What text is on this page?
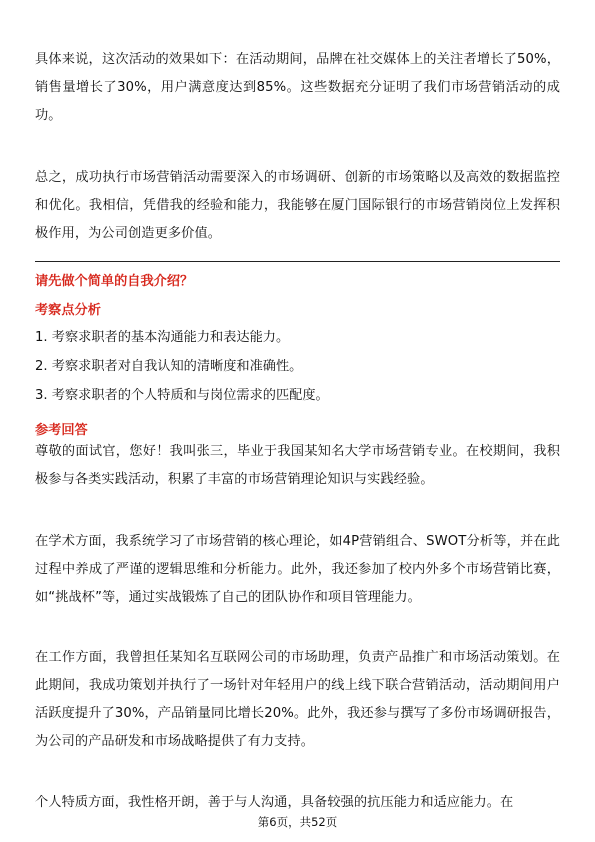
具体来说，这次活动的效果如下：在活动期间，品牌在社交媒体上的关注者增长了50%，销售量增长了30%，用户满意度达到85%。这些数据充分证明了我们市场营销活动的成功。

总之，成功执行市场营销活动需要深入的市场调研、创新的市场策略以及高效的数据监控和优化。我相信，凭借我的经验和能力，我能够在厦门国际银行的市场营销岗位上发挥积极作用，为公司创造更多价值。

请先做个简单的自我介绍？
考察点分析
1. 考察求职者的基本沟通能力和表达能力。
2. 考察求职者对自我认知的清晰度和准确性。
3. 考察求职者的个人特质和与岗位需求的匹配度。
参考回答

尊敬的面试官，您好！我叫张三，毕业于我国某知名大学市场营销专业。在校期间，我积极参与各类实践活动，积累了丰富的市场营销理论知识与实践经验。

在学术方面，我系统学习了市场营销的核心理论，如4P营销组合、SWOT分析等，并在此过程中养成了严谨的逻辑思维和分析能力。此外，我还参加了校内外多个市场营销比赛，如“挑战杯”等，通过实战锻炼了自己的团队协作和项目管理能力。

在工作方面，我曾担任某知名互联网公司的市场助理，负责产品推广和市场活动策划。在此期间，我成功策划并执行了一场针对年轻用户的线上线下联合营销活动，活动期间用户活跃度提升了30%，产品销量同比增长20%。此外，我还参与撰写了多份市场调研报告，为公司的产品研发和市场战略提供了有力支持。

个人特质方面，我性格开朗，善于与人沟通，具备较强的抗压能力和适应能力。在

第6页，共52页
